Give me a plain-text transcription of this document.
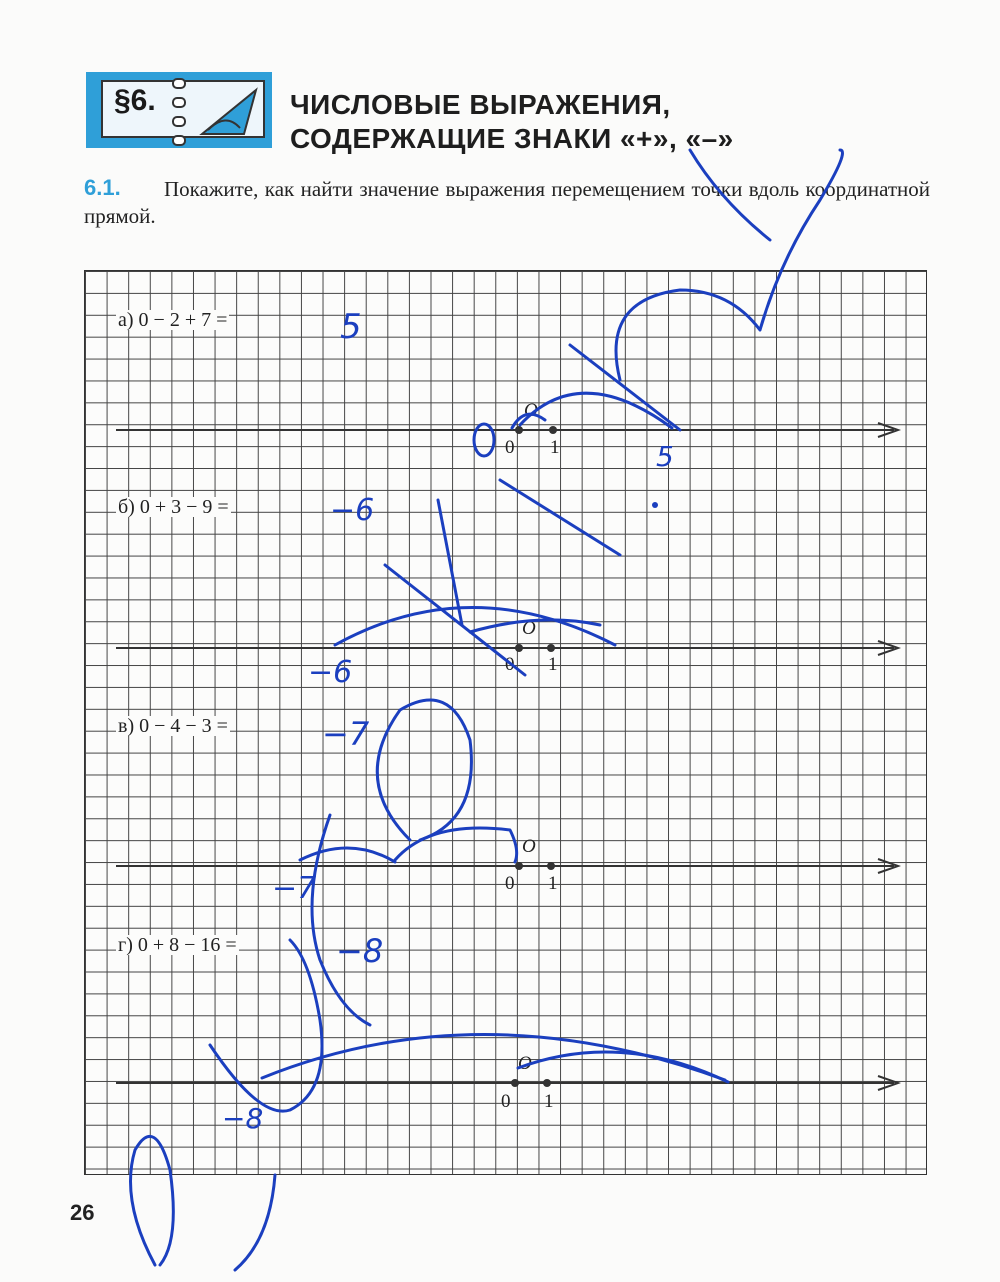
§6.	ЧИСЛОВЫЕ ВЫРАЖЕНИЯ,
СОДЕРЖАЩИЕ ЗНАКИ «+», «–»
Покажите, как найти значение выражения перемещением точки вдоль координатной прямой.
6.1.
а) 0 − 2 + 7 =
б) 0 + 3 − 9 =
в) 0 − 4 − 3 =
г) 0 + 8 − 16 =
O
0 1
O
0 1
O
0 1
O
0 1
5
5
−6
−6
−7
−7
−8
−8
26
